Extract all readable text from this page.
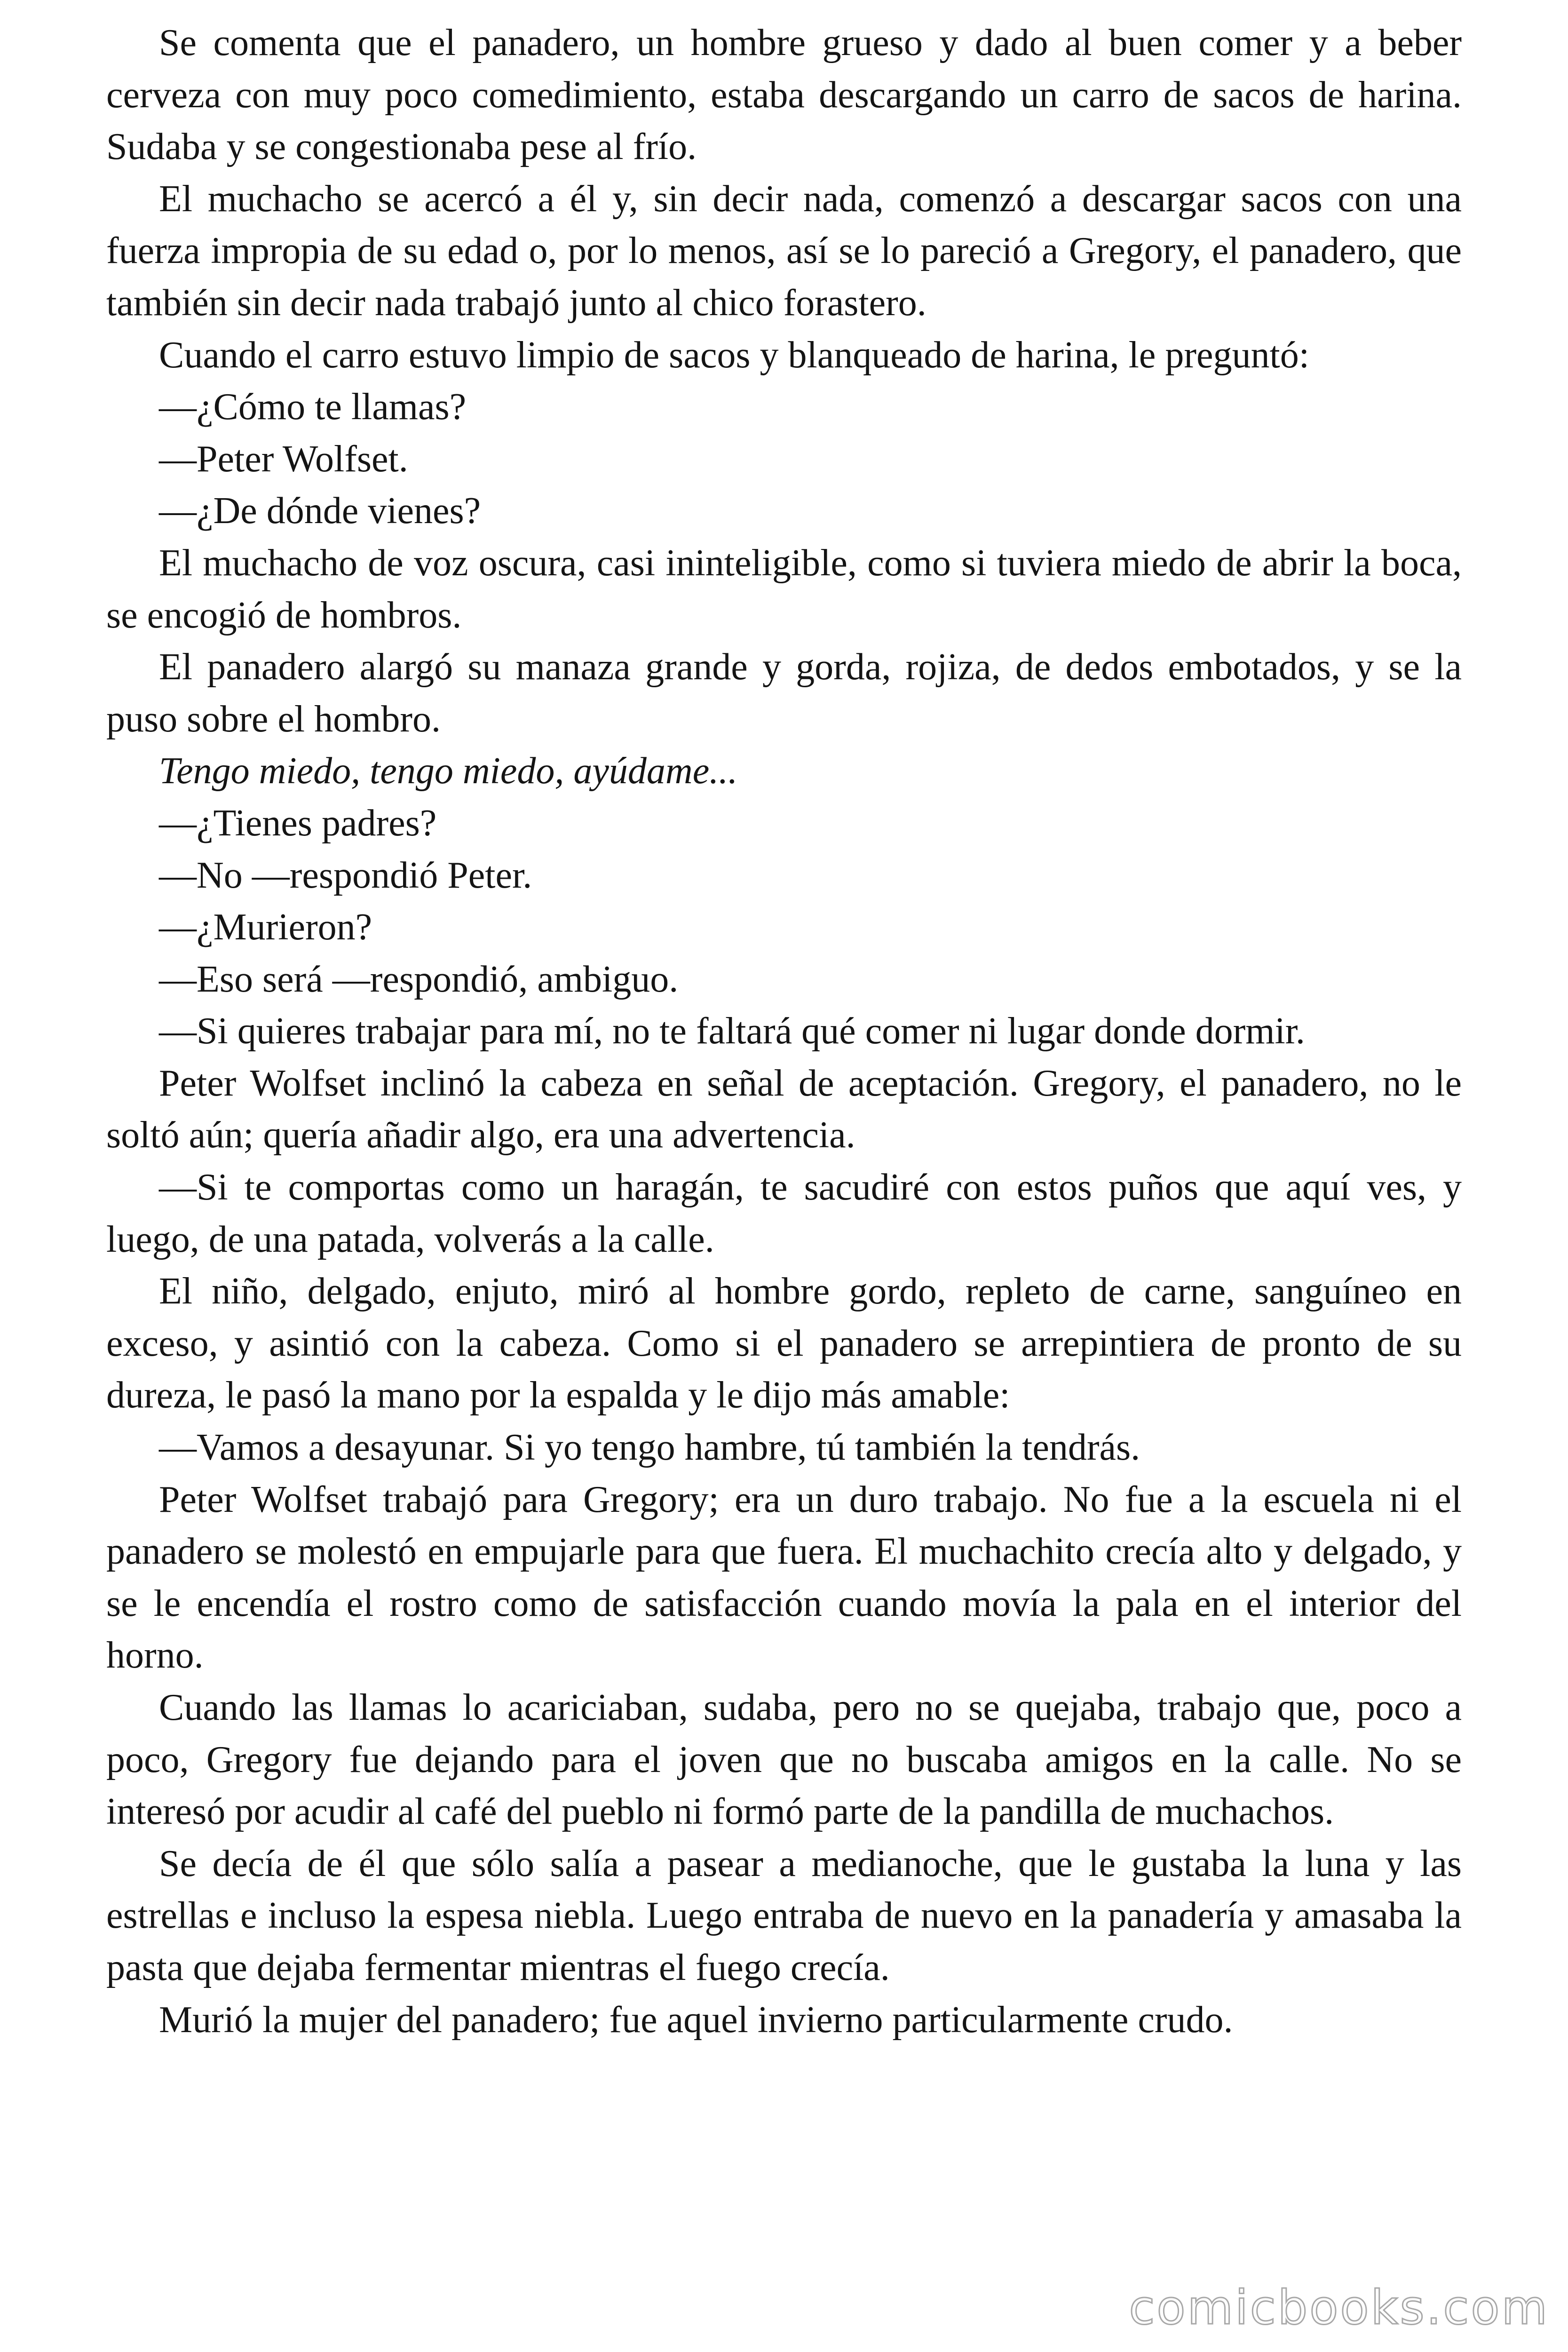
Se comenta que el panadero, un hombre grueso y dado al buen comer y a beber cerveza con muy poco comedimiento, estaba descargando un carro de sacos de harina. Sudaba y se congestionaba pese al frío.

El muchacho se acercó a él y, sin decir nada, comenzó a descargar sacos con una fuerza impropia de su edad o, por lo menos, así se lo pareció a Gregory, el panadero, que también sin decir nada trabajó junto al chico forastero.

Cuando el carro estuvo limpio de sacos y blanqueado de harina, le preguntó:

—¿Cómo te llamas?

—Peter Wolfset.

—¿De dónde vienes?

El muchacho de voz oscura, casi ininteligible, como si tuviera miedo de abrir la boca, se encogió de hombros.

El panadero alargó su manaza grande y gorda, rojiza, de dedos embotados, y se la puso sobre el hombro.

Tengo miedo, tengo miedo, ayúdame...

—¿Tienes padres?

—No —respondió Peter.

—¿Murieron?

—Eso será —respondió, ambiguo.

—Si quieres trabajar para mí, no te faltará qué comer ni lugar donde dormir.

Peter Wolfset inclinó la cabeza en señal de aceptación. Gregory, el panadero, no le soltó aún; quería añadir algo, era una advertencia.

—Si te comportas como un haragán, te sacudiré con estos puños que aquí ves, y luego, de una patada, volverás a la calle.

El niño, delgado, enjuto, miró al hombre gordo, repleto de carne, sanguíneo en exceso, y asintió con la cabeza. Como si el panadero se arrepintiera de pronto de su dureza, le pasó la mano por la espalda y le dijo más amable:

—Vamos a desayunar. Si yo tengo hambre, tú también la tendrás.

Peter Wolfset trabajó para Gregory; era un duro trabajo. No fue a la escuela ni el panadero se molestó en empujarle para que fuera. El muchachito crecía alto y delgado, y se le encendía el rostro como de satisfacción cuando movía la pala en el interior del horno.

Cuando las llamas lo acariciaban, sudaba, pero no se quejaba, trabajo que, poco a poco, Gregory fue dejando para el joven que no buscaba amigos en la calle. No se interesó por acudir al café del pueblo ni formó parte de la pandilla de muchachos.

Se decía de él que sólo salía a pasear a medianoche, que le gustaba la luna y las estrellas e incluso la espesa niebla. Luego entraba de nuevo en la panadería y amasaba la pasta que dejaba fermentar mientras el fuego crecía.

Murió la mujer del panadero; fue aquel invierno particularmente crudo.

comicbooks.com
